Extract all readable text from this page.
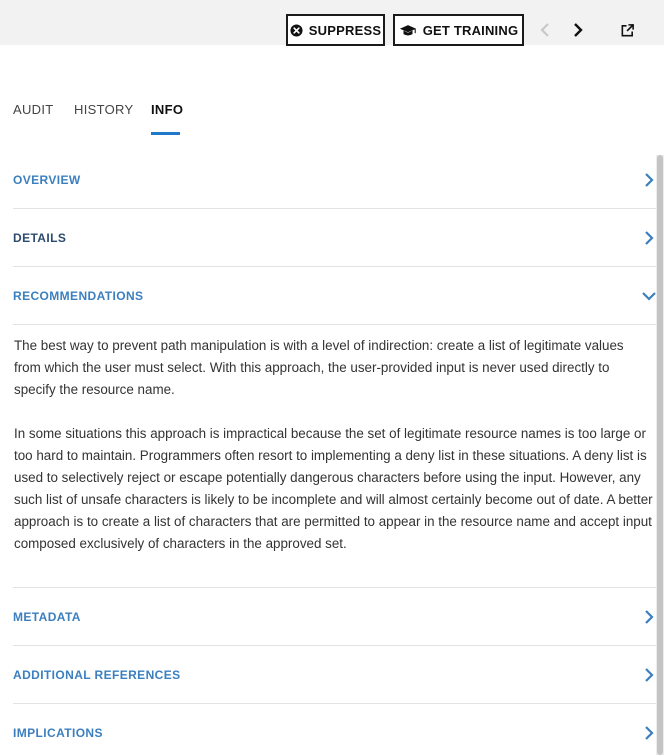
SUPPRESS	GET TRAINING
AUDIT HISTORY INFO
OVERVIEW
DETAILS
RECOMMENDATIONS

The best way to prevent path manipulation is with a level of indirection: create a list of legitimate values from which the user must select. With this approach, the user-provided input is never used directly to specify the resource name.

In some situations this approach is impractical because the set of legitimate resource names is too large or too hard to maintain. Programmers often resort to implementing a deny list in these situations. A deny list is used to selectively reject or escape potentially dangerous characters before using the input. However, any such list of unsafe characters is likely to be incomplete and will almost certainly become out of date. A better approach is to create a list of characters that are permitted to appear in the resource name and accept input composed exclusively of characters in the approved set.

METADATA
ADDITIONAL REFERENCES
IMPLICATIONS
